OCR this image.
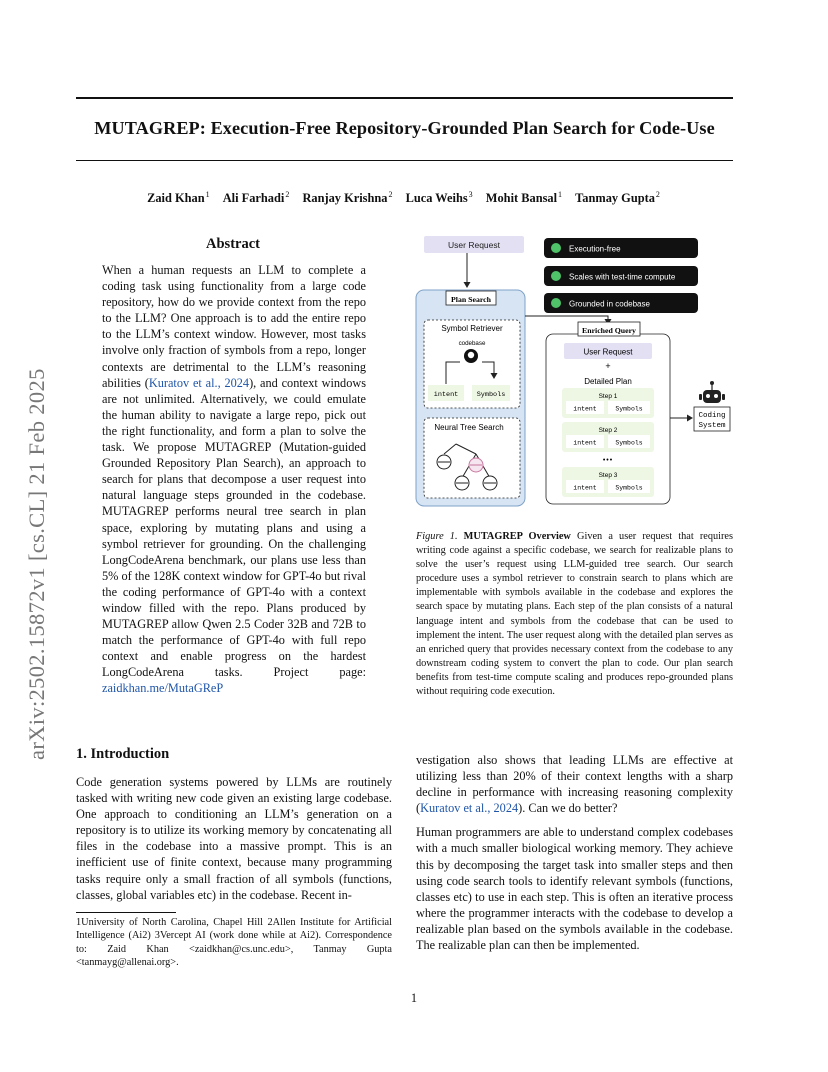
arXiv:2502.15872v1 [cs.CL] 21 Feb 2025
MUTAGREP: Execution-Free Repository-Grounded Plan Search for Code-Use
Zaid Khan$^1$ Ali Farhadi$^2$ Ranjay Krishna$^2$ Luca Weihs$^3$ Mohit Bansal$^1$ Tanmay Gupta$^2$
Abstract
When a human requests an LLM to complete a coding task using functionality from a large code repository, how do we provide context from the repo to the LLM? One approach is to add the entire repo to the LLM’s context window. However, most tasks involve only fraction of symbols from a repo, longer contexts are detrimental to the LLM’s reasoning abilities (Kuratov et al., 2024), and context windows are not unlimited. Alternatively, we could emulate the human ability to navigate a large repo, pick out the right functionality, and form a plan to solve the task. We propose MUTAGREP (Mutation-guided Grounded Repository Plan Search), an approach to search for plans that decompose a user request into natural language steps grounded in the codebase. MUTAGREP performs neural tree search in plan space, exploring by mutating plans and using a symbol retriever for grounding. On the challenging LongCodeArena benchmark, our plans use less than 5% of the 128K context window for GPT-4o but rival the coding performance of GPT-4o with a context window filled with the repo. Plans produced by MUTAGREP allow Qwen 2.5 Coder 32B and 72B to match the performance of GPT-4o with full repo context and enable progress on the hardest LongCodeArena tasks. Project page: zaidkhan.me/MutaGReP
User Request
Plan Search
Symbol Retriever
codebase
intent	Symbols
Neural Tree Search
Execution-free
Scales with test-time compute
Grounded in codebase
Enriched Query
User Request
+
Detailed Plan
Step 1
intent	Symbols
Step 2
intent	Symbols
•••
Step 3
intent	Symbols
Coding
System
Figure 1. MUTAGREP Overview Given a user request that requires writing code against a specific codebase, we search for realizable plans to solve the user’s request using LLM-guided tree search. Our search procedure uses a symbol retriever to constrain search to plans which are implementable with symbols available in the codebase and explores the search space by mutating plans. Each step of the plan consists of a natural language intent and symbols from the codebase that can be used to implement the intent. The user request along with the detailed plan serves as an enriched query that provides necessary context from the codebase to any downstream coding system to convert the plan to code. Our plan search benefits from test-time compute scaling and produces repo-grounded plans without requiring code execution.
1. Introduction
Code generation systems powered by LLMs are routinely tasked with writing new code given an existing large codebase. One approach to conditioning an LLM’s generation on a repository is to utilize its working memory by concatenating all files in the codebase into a massive prompt. This is an inefficient use of finite context, because many programming tasks require only a small fraction of all symbols (functions, classes, global variables etc) in the codebase. Recent in-

vestigation also shows that leading LLMs are effective at utilizing less than 20% of their context lengths with a sharp decline in performance with increasing reasoning complexity (Kuratov et al., 2024). Can we do better?

Human programmers are able to understand complex codebases with a much smaller biological working memory. They achieve this by decomposing the target task into smaller steps and then using code search tools to identify relevant symbols (functions, classes etc) to use in each step. This is often an iterative process where the programmer interacts with the codebase to develop a realizable plan based on the symbols available in the codebase. The realizable plan can then be implemented.

1University of North Carolina, Chapel Hill 2Allen Institute for Artificial Intelligence (Ai2) 3Vercept AI (work done while at Ai2). Correspondence to: Zaid Khan <zaidkhan@cs.unc.edu>, Tanmay Gupta <tanmayg@allenai.org>.
1
